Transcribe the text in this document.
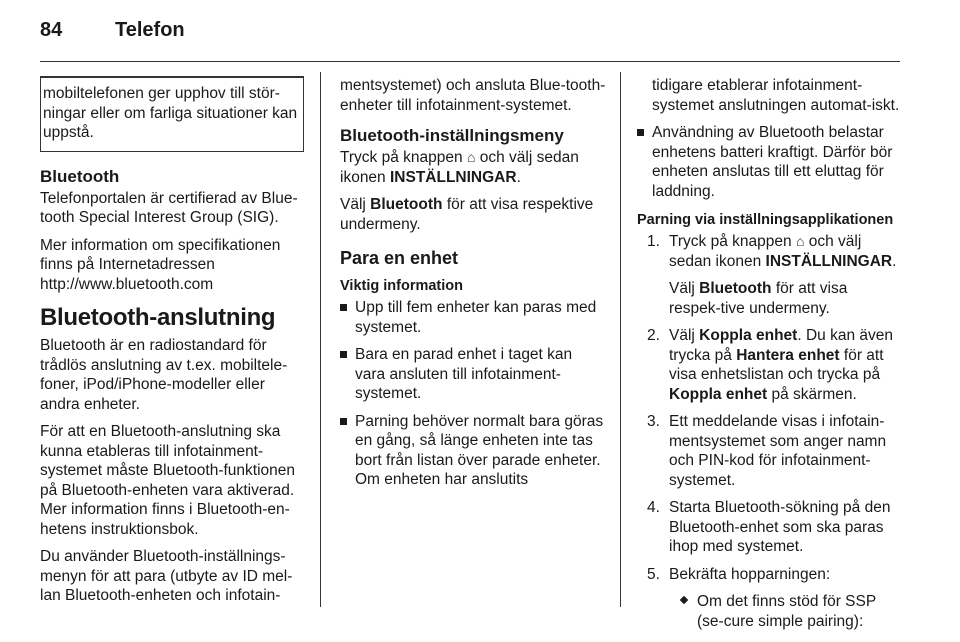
84	Telefon
mobiltelefonen ger upphov till stör-ningar eller om farliga situationer kan uppstå.
Bluetooth

Telefonportalen är certifierad av Blue-tooth Special Interest Group (SIG).

Mer information om specifikationen finns på Internetadressen http://www.bluetooth.com

Bluetooth-anslutning

Bluetooth är en radiostandard för trådlös anslutning av t.ex. mobiltele-foner, iPod/iPhone-modeller eller andra enheter.

För att en Bluetooth-anslutning ska kunna etableras till infotainment-systemet måste Bluetooth-funktionen på Bluetooth-enheten vara aktiverad. Mer information finns i Bluetooth-en-hetens instruktionsbok.

Du använder Bluetooth-inställnings-menyn för att para (utbyte av ID mel-lan Bluetooth-enheten och infotain-

mentsystemet) och ansluta Blue-tooth-enheter till infotainment-systemet.

Bluetooth-inställningsmeny

Tryck på knappen ⌂ och välj sedan ikonen INSTÄLLNINGAR.

Välj Bluetooth för att visa respektive undermeny.

Para en enhet
Viktig information
Upp till fem enheter kan paras med systemet.
Bara en parad enhet i taget kan vara ansluten till infotainment-systemet.
Parning behöver normalt bara göras en gång, så länge enheten inte tas bort från listan över parade enheter. Om enheten har anslutits

tidigare etablerar infotainment-systemet anslutningen automat-iskt.

Användning av Bluetooth belastar enhetens batteri kraftigt. Därför bör enheten anslutas till ett eluttag för laddning.
Parning via inställningsapplikationen
1. Tryck på knappen ⌂ och välj sedan ikonen INSTÄLLNINGAR.
Välj Bluetooth för att visa respek-tive undermeny.
2. Välj Koppla enhet. Du kan även trycka på Hantera enhet för att visa enhetslistan och trycka på Koppla enhet på skärmen.
3. Ett meddelande visas i infotain-mentsystemet som anger namn och PIN-kod för infotainment-systemet.
4. Starta Bluetooth-sökning på den Bluetooth-enhet som ska paras ihop med systemet.
5. Bekräfta hopparningen:
Om det finns stöd för SSP (se-cure simple pairing):
